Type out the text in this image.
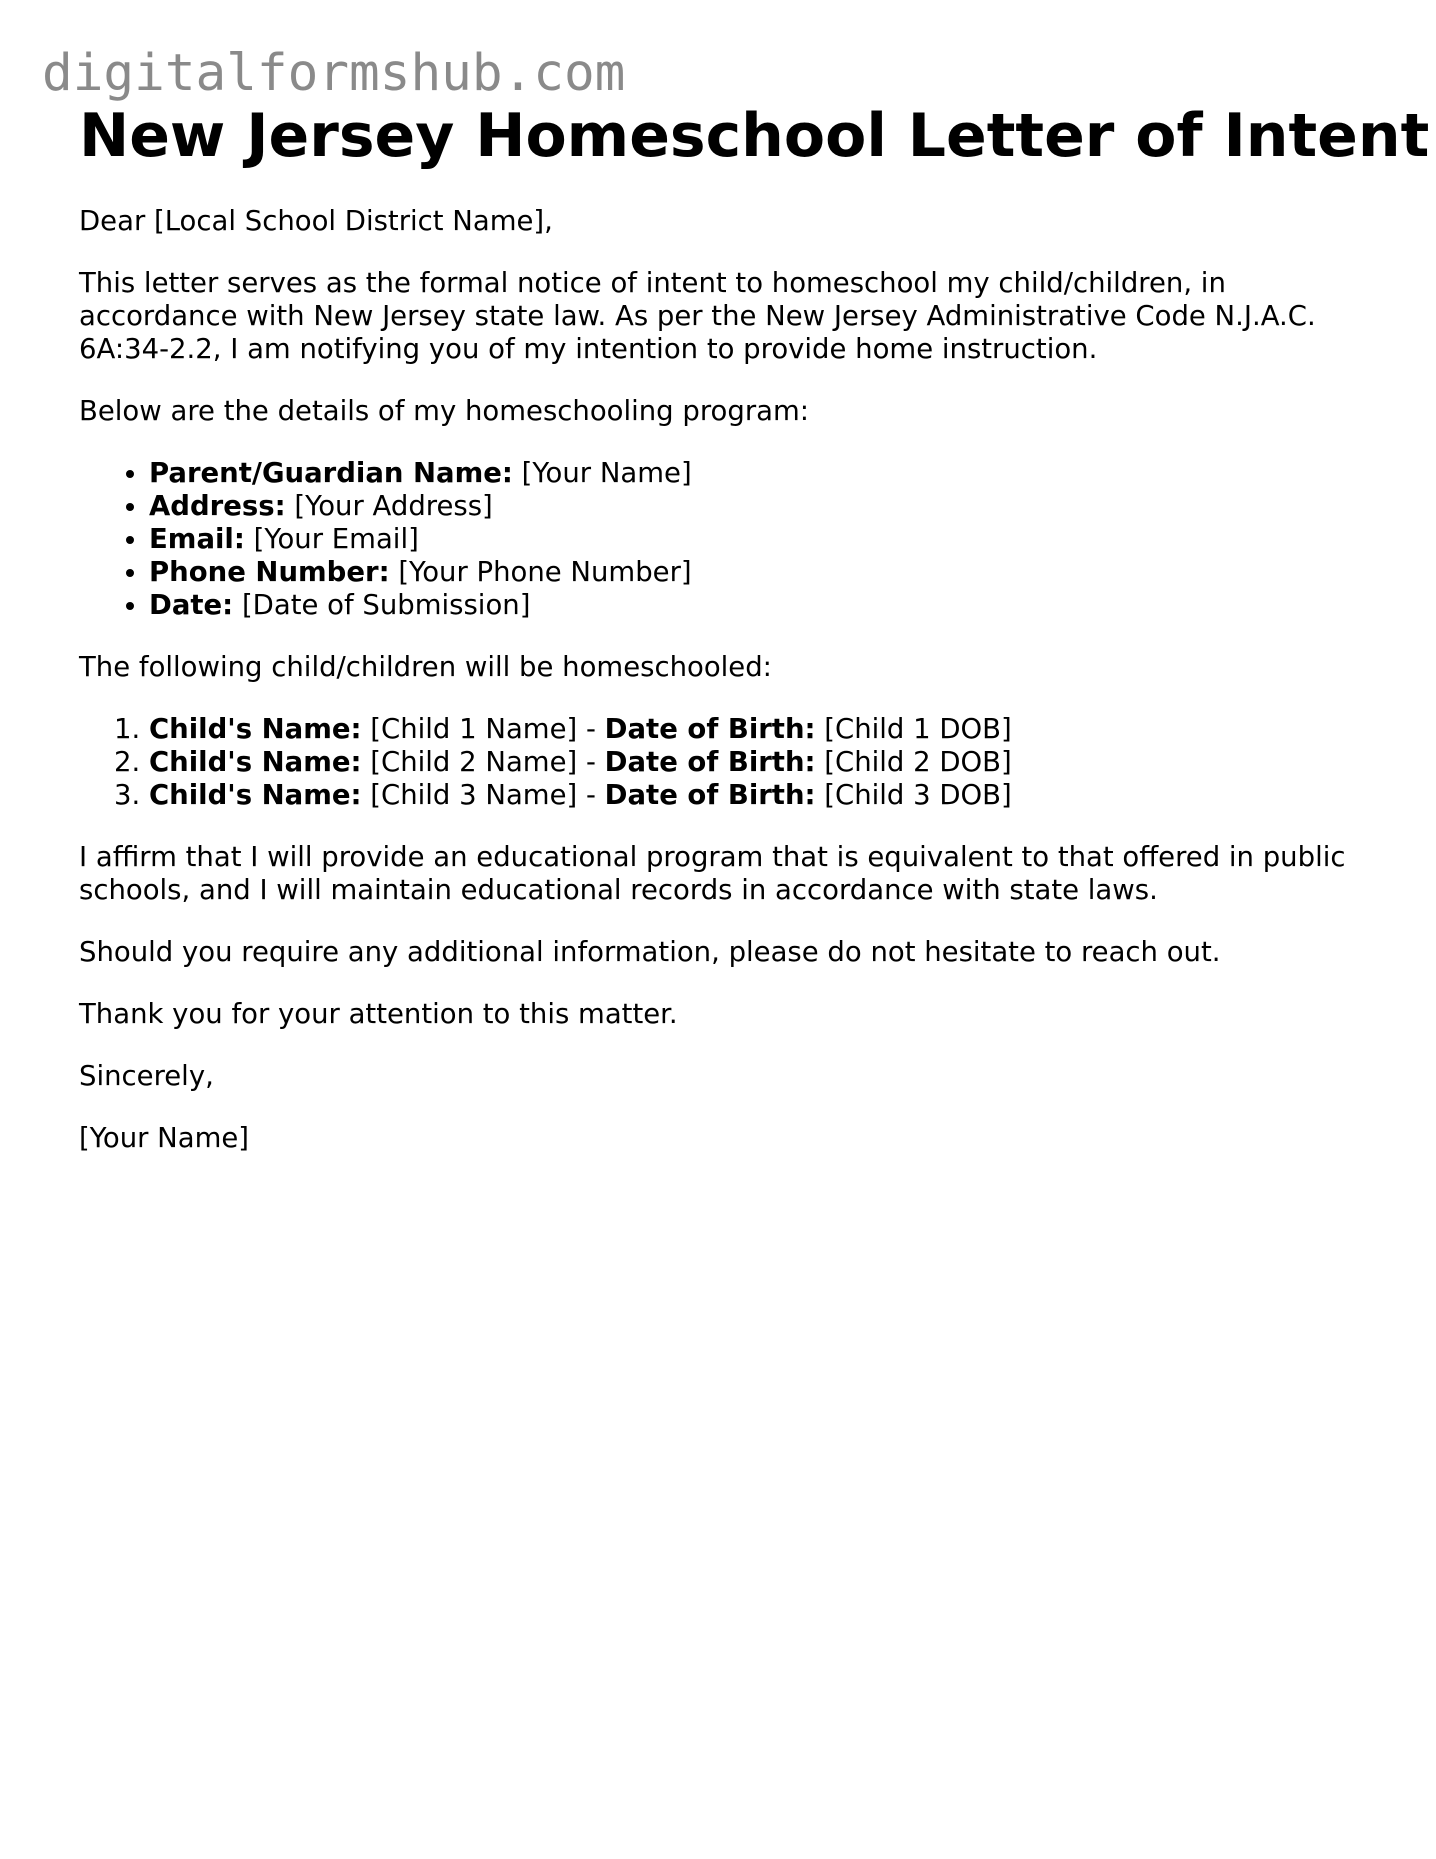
digitalformshub.com
New Jersey Homeschool Letter of Intent

Dear [Local School District Name],

This letter serves as the formal notice of intent to homeschool my child/children, in accordance with New Jersey state law. As per the New Jersey Administrative Code N.J.A.C. 6A:34-2.2, I am notifying you of my intention to provide home instruction.

Below are the details of my homeschooling program:

• Parent/Guardian Name: [Your Name]
• Address: [Your Address]
• Email: [Your Email]
• Phone Number: [Your Phone Number]
• Date: [Date of Submission]

The following child/children will be homeschooled:

1. Child's Name: [Child 1 Name] - Date of Birth: [Child 1 DOB]
2. Child's Name: [Child 2 Name] - Date of Birth: [Child 2 DOB]
3. Child's Name: [Child 3 Name] - Date of Birth: [Child 3 DOB]

I affirm that I will provide an educational program that is equivalent to that offered in public schools, and I will maintain educational records in accordance with state laws.

Should you require any additional information, please do not hesitate to reach out.

Thank you for your attention to this matter.

Sincerely,

[Your Name]
